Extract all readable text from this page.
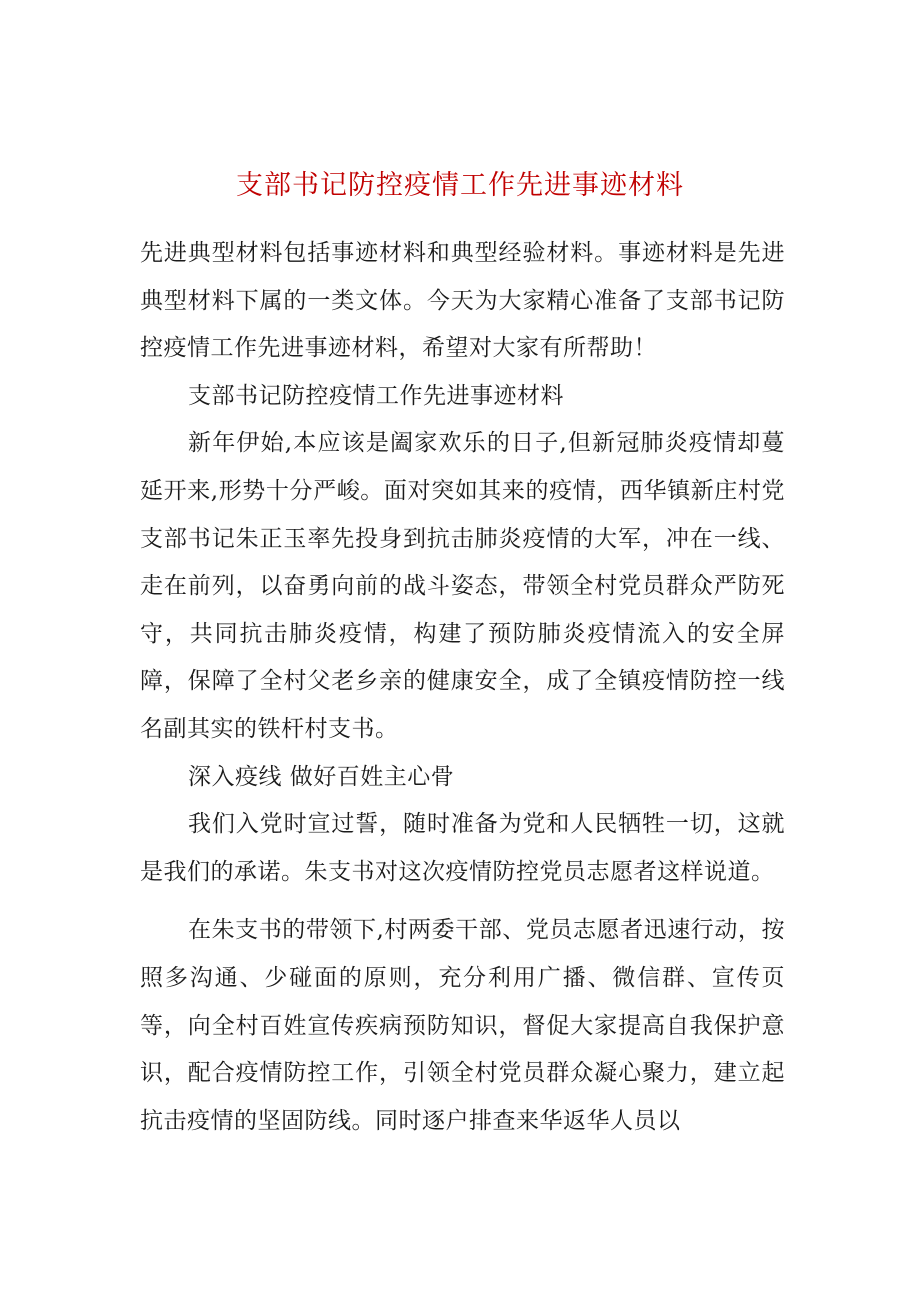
支部书记防控疫情工作先进事迹材料

先进典型材料包括事迹材料和典型经验材料。事迹材料是先进典型材料下属的一类文体。今天为大家精心准备了支部书记防控疫情工作先进事迹材料，希望对大家有所帮助！

支部书记防控疫情工作先进事迹材料

新年伊始,本应该是阖家欢乐的日子,但新冠肺炎疫情却蔓延开来,形势十分严峻。面对突如其来的疫情，西华镇新庄村党支部书记朱正玉率先投身到抗击肺炎疫情的大军，冲在一线、走在前列，以奋勇向前的战斗姿态，带领全村党员群众严防死守，共同抗击肺炎疫情，构建了预防肺炎疫情流入的安全屏障，保障了全村父老乡亲的健康安全，成了全镇疫情防控一线名副其实的铁杆村支书。

深入疫线 做好百姓主心骨

我们入党时宣过誓，随时准备为党和人民牺牲一切，这就是我们的承诺。朱支书对这次疫情防控党员志愿者这样说道。

在朱支书的带领下,村两委干部、党员志愿者迅速行动，按照多沟通、少碰面的原则，充分利用广播、微信群、宣传页等，向全村百姓宣传疾病预防知识，督促大家提高自我保护意识，配合疫情防控工作，引领全村党员群众凝心聚力，建立起抗击疫情的坚固防线。同时逐户排查来华返华人员以
